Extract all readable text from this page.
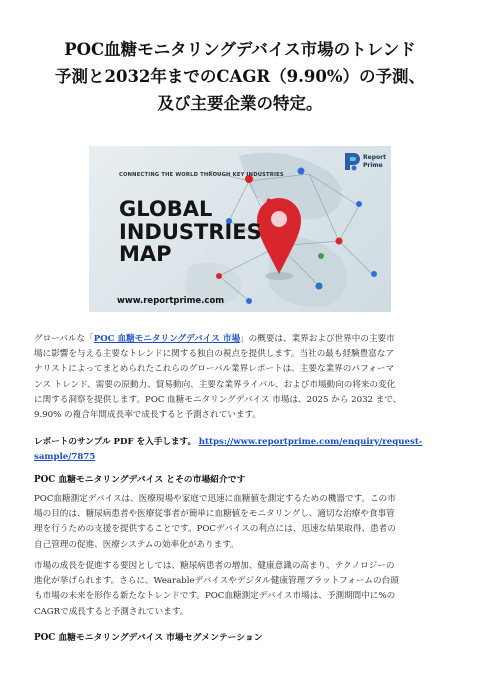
POC血糖モニタリングデバイス市場のトレンド
予測と2032年までのCAGR（9.90%）の予測、
及び主要企業の特定。
CONNECTING THE WORLD THROUGH KEY INDUSTRIES
GLOBAL
INDUSTRIES
MAP
www.reportprime.com
Report
Prime
グローバルな「POC 血糖モニタリングデバイス 市場」の概要は、業界および世界中の主要市
場に影響を与える主要なトレンドに関する独自の視点を提供します。当社の最も経験豊富なア
ナリストによってまとめられたこれらのグローバル業界レポートは、主要な業界のパフォーマ
ンス トレンド、需要の原動力、貿易動向、主要な業界ライバル、および市場動向の将来の変化
に関する洞察を提供します。POC 血糖モニタリングデバイス 市場は、2025 から 2032 まで、
9.90% の複合年間成長率で成長すると予測されています。
レポートのサンプル PDF を入手します。 https://www.reportprime.com/enquiry/request-
sample/7875
POC 血糖モニタリングデバイス とその市場紹介です
POC血糖測定デバイスは、医療現場や家庭で迅速に血糖値を測定するための機器です。この市
場の目的は、糖尿病患者や医療従事者が簡単に血糖値をモニタリングし、適切な治療や食事管
理を行うための支援を提供することです。POCデバイスの利点には、迅速な結果取得、患者の
自己管理の促進、医療システムの効率化があります。
市場の成長を促進する要因としては、糖尿病患者の増加、健康意識の高まり、テクノロジーの
進化が挙げられます。さらに、Wearableデバイスやデジタル健康管理プラットフォームの台頭
も市場の未来を形作る新たなトレンドです。POC血糖測定デバイス市場は、予測期間中に%の
CAGRで成長すると予測されています。
POC 血糖モニタリングデバイス 市場セグメンテーション
